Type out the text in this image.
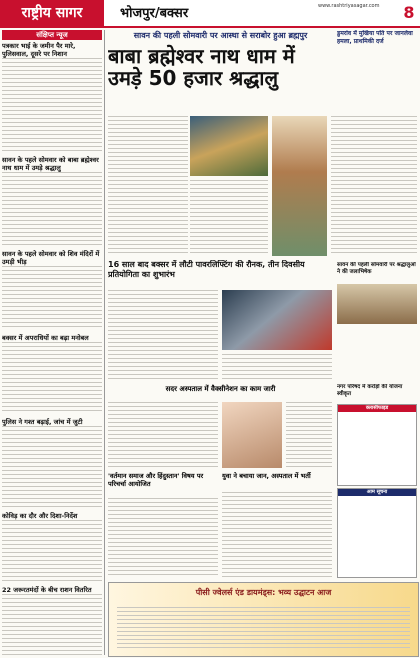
राष्ट्रीय सागर	भोजपुर/बक्सर	www.rashtriyasagar.com	8
संक्षिप्त न्यूज
पत्रकार भाई के जमीन पैर मारे, पुलिसवाल, दूसरे पर निशान
सावन के पहले सोमवार को बाबा ब्रह्मेश्वर नाथ धाम में उमड़े श्रद्धालु
सावन के पहले सोमवार को शिव मंदिरों में उमड़ी भीड़
बक्सर में अपराधियों का बढ़ा मनोबल
पुलिस ने गश्त बढ़ाई, जांच में जुटी
कोविड़ का दौर और दिशा-निर्देश
22 जरूरतमंदों के बीच राशन वितरित
सावन की पहली सोमवारी पर आस्था से सराबोर हुआ ब्रह्मपुर
बाबा ब्रह्मेश्वर नाथ धाम में उमड़े 50 हजार श्रद्धालु
डुमरांव में मुखिया पति पर जानलेवा हमला, प्राथमिकी दर्ज
16 साल बाद बक्सर में लौटी पावरलिफ्टिंग की रौनक, तीन दिवसीय प्रतियोगिता का शुभारंभ
सावन की पहली सोमवारी पर श्रद्धालुओं ने की जलाभिषेक
सदर अस्पताल में वैक्सीनेशन का काम जारी
'वर्तमान समाज और हिंदुस्तान' विषय पर परिचर्चा आयोजित
युवा ने बचाया जान, अस्पताल में भर्ती
नगर परिषद में करोड़ों की योजना स्वीकृत
क्लासीफाइड
आम सूचना
पीसी ज्वेलर्स एंड डायमंड्स: भव्य उद्घाटन आज
